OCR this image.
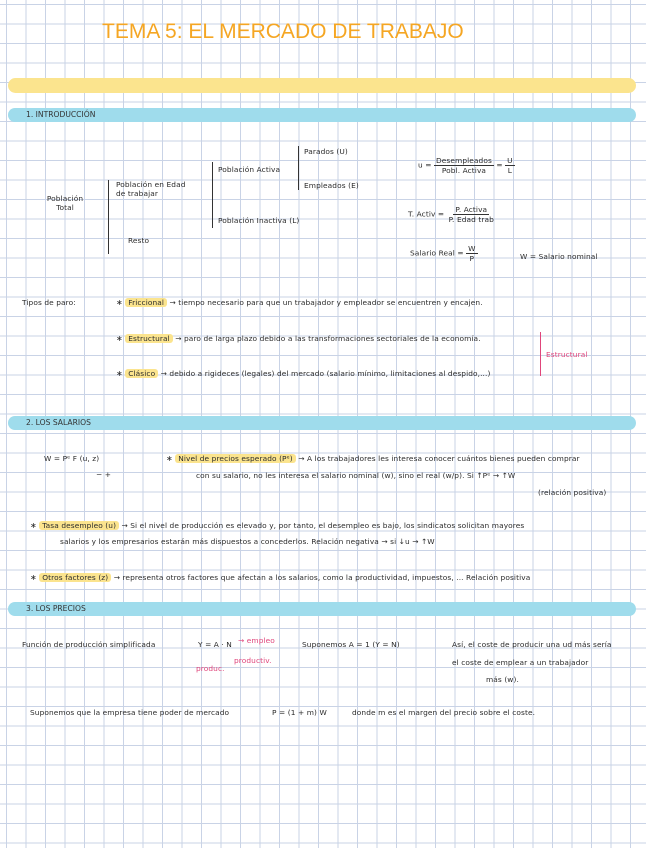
TEMA 5: EL MERCADO DE TRABAJO
1. INTRODUCCIÓN
Población Total
Población en Edad de trabajar
Resto
Población Activa
Población Inactiva (L)
Parados (U)
Empleados (E)
$u = \frac{\text{Desempleados}}{\text{Pobl. Activa}} = \frac{U}{L}$
T. Activ = $\frac{\text{P. Activa}}{\text{P. Edad trab}}$
Salario Real = $\frac{W}{P}$	W = Salario nominal
Tipos de paro:	∗ Friccional → tiempo necesario para que un trabajador y empleador se encuentren y encajen.
∗ Estructural → paro de larga plazo debido a las transformaciones sectoriales de la economía.
∗ Clásico → debido a rigideces (legales) del mercado (salario mínimo, limitaciones al despido,...)
Estructural
2. LOS SALARIOS
W = Pᵉ F (u, z)
− +
∗ Nivel de precios esperado (Pᵉ) → A los trabajadores les interesa conocer cuántos bienes pueden comprar
con su salario, no les interesa el salario nominal (w), sino el real (w/p). Si ↑Pᵉ → ↑W
(relación positiva)
∗ Tasa desempleo (u) → Si el nivel de producción es elevado y, por tanto, el desempleo es bajo, los sindicatos solicitan mayores
salarios y los empresarios estarán más dispuestos a concederlos. Relación negativa → si ↓u → ↑W
∗ Otros factores (z) → representa otros factores que afectan a los salarios, como la productividad, impuestos, ... Relación positiva
3. LOS PRECIOS
Función de producción simplificada	Y = A · N → empleo
produc.
productiv.
Suponemos A = 1 (Y = N)	Así, el coste de producir una ud más sería
el coste de emplear a un trabajador
más (w).
Suponemos que la empresa tiene poder de mercado	P = (1 + m) W	donde m es el margen del precio sobre el coste.
